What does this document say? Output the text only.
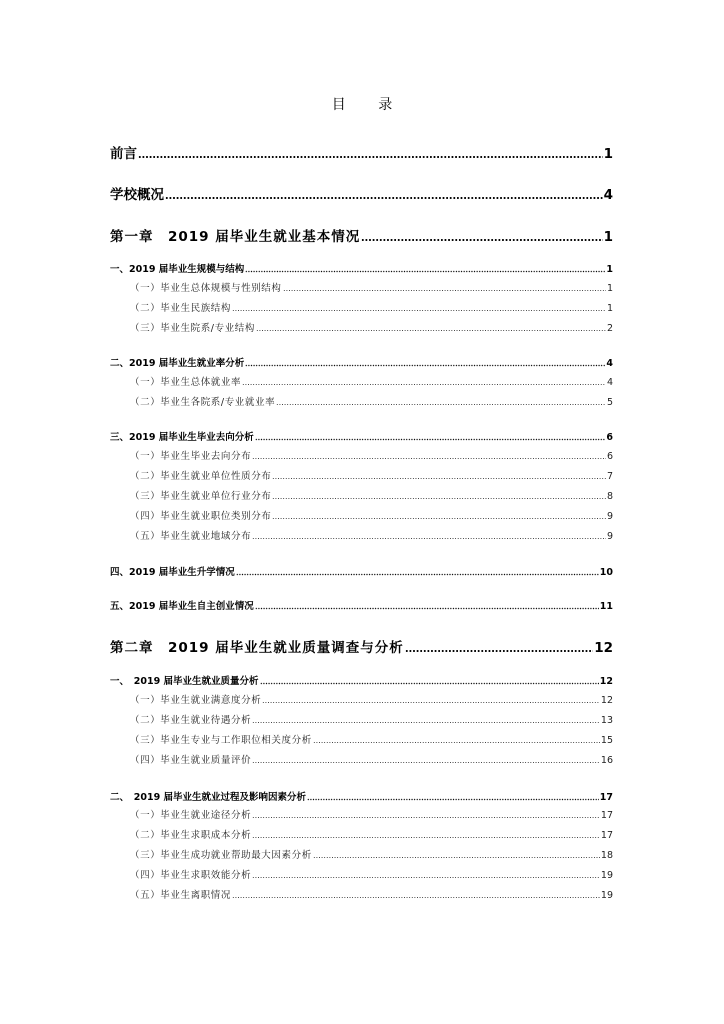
目 录
前言	1
学校概况	4
第一章　2019 届毕业生就业基本情况	1
一、2019 届毕业生规模与结构	1
（一）毕业生总体规模与性别结构	1
（二）毕业生民族结构	1
（三）毕业生院系/专业结构	2
二、2019 届毕业生就业率分析	4
（一）毕业生总体就业率	4
（二）毕业生各院系/专业就业率	5
三、2019 届毕业生毕业去向分析	6
（一）毕业生毕业去向分布	6
（二）毕业生就业单位性质分布	7
（三）毕业生就业单位行业分布	8
（四）毕业生就业职位类别分布	9
（五）毕业生就业地域分布	9
四、2019 届毕业生升学情况	10
五、2019 届毕业生自主创业情况	11
第二章　2019 届毕业生就业质量调查与分析	12
一、　2019 届毕业生就业质量分析	12
（一）毕业生就业满意度分析	12
（二）毕业生就业待遇分析	13
（三）毕业生专业与工作职位相关度分析	15
（四）毕业生就业质量评价	16
二、　2019 届毕业生就业过程及影响因素分析	17
（一）毕业生就业途径分析	17
（二）毕业生求职成本分析	17
（三）毕业生成功就业帮助最大因素分析	18
（四）毕业生求职效能分析	19
（五）毕业生离职情况	19
